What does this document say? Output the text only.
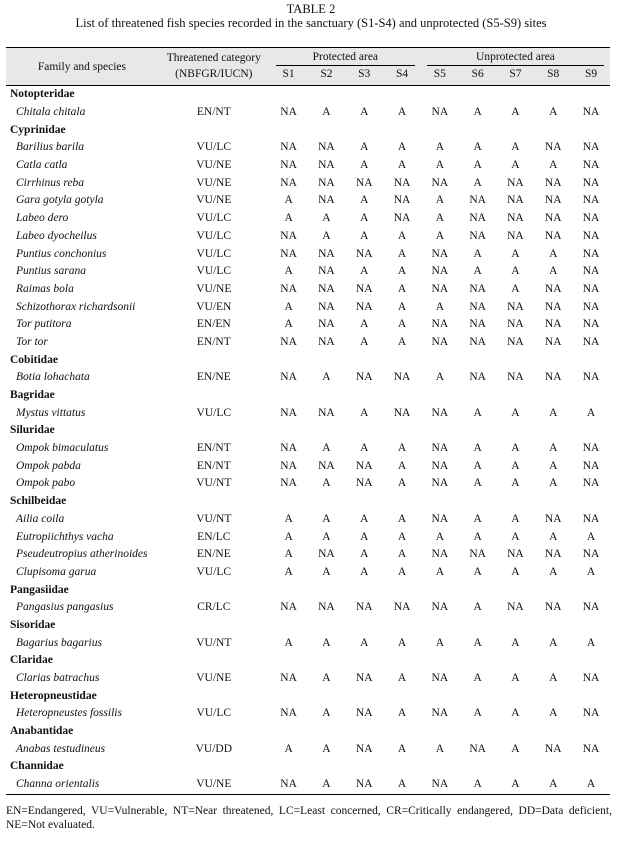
TABLE 2
List of threatened fish species recorded in the sanctuary (S1-S4) and unprotected (S5-S9) sites
Family and species	Threatened category	Protected area				Unprotected area				

	(NBFGR/IUCN)	S1	S2	S3	S4	S5	S6	S7	S8	S9
Notopteridae										
Chitala chitala	EN/NT	NA	A	A	A	NA	A	A	A	NA
Cyprinidae										
Barilius barila	VU/LC	NA	NA	A	A	A	A	A	NA	NA
Catla catla	VU/NE	NA	NA	A	A	A	A	A	A	NA
Cirrhinus reba	VU/NE	NA	NA	NA	NA	NA	A	NA	NA	NA
Gara gotyla gotyla	VU/NE	A	NA	A	NA	A	NA	NA	NA	NA
Labeo dero	VU/LC	A	A	A	NA	A	NA	NA	NA	NA
Labeo dyocheilus	VU/LC	NA	A	A	A	A	NA	NA	NA	NA
Puntius conchonius	VU/LC	NA	NA	NA	A	NA	A	A	A	NA
Puntius sarana	VU/LC	A	NA	A	A	NA	A	A	A	NA
Raimas bola	VU/NE	NA	NA	NA	A	NA	NA	A	NA	NA
Schizothorax richardsonii	VU/EN	A	NA	NA	A	A	NA	NA	NA	NA
Tor putitora	EN/EN	A	NA	A	A	NA	NA	NA	NA	NA
Tor tor	EN/NT	NA	NA	A	A	NA	NA	NA	NA	NA
Cobitidae										
Botia lohachata	EN/NE	NA	A	NA	NA	A	NA	NA	NA	NA
Bagridae										
Mystus vittatus	VU/LC	NA	NA	A	NA	NA	A	A	A	A
Siluridae										
Ompok bimaculatus	EN/NT	NA	A	A	A	NA	A	A	A	NA
Ompok pabda	EN/NT	NA	NA	NA	A	NA	A	A	A	NA
Ompok pabo	VU/NT	NA	A	NA	A	NA	A	A	A	NA
Schilbeidae										
Ailia coila	VU/NT	A	A	A	A	NA	A	A	NA	NA
Eutropiichthys vacha	EN/LC	A	A	A	A	A	A	A	A	A
Pseudeutropius atherinoides	EN/NE	A	NA	A	A	NA	NA	NA	NA	NA
Clupisoma garua	VU/LC	A	A	A	A	A	A	A	A	A
Pangasiidae										
Pangasius pangasius	CR/LC	NA	NA	NA	NA	NA	A	NA	NA	NA
Sisoridae										
Bagarius bagarius	VU/NT	A	A	A	A	A	A	A	A	A
Claridae										
Clarias batrachus	VU/NE	NA	A	NA	A	NA	A	A	A	NA
Heteropneustidae										
Heteropneustes fossilis	VU/LC	NA	A	NA	A	NA	A	A	A	NA
Anabantidae										
Anabas testudineus	VU/DD	A	A	NA	A	A	NA	A	NA	NA
Channidae										
Channa orientalis	VU/NE	NA	A	NA	A	NA	A	A	A	A
EN=Endangered, VU=Vulnerable, NT=Near threatened, LC=Least concerned, CR=Critically endangered, DD=Data deficient, NE=Not evaluated.
